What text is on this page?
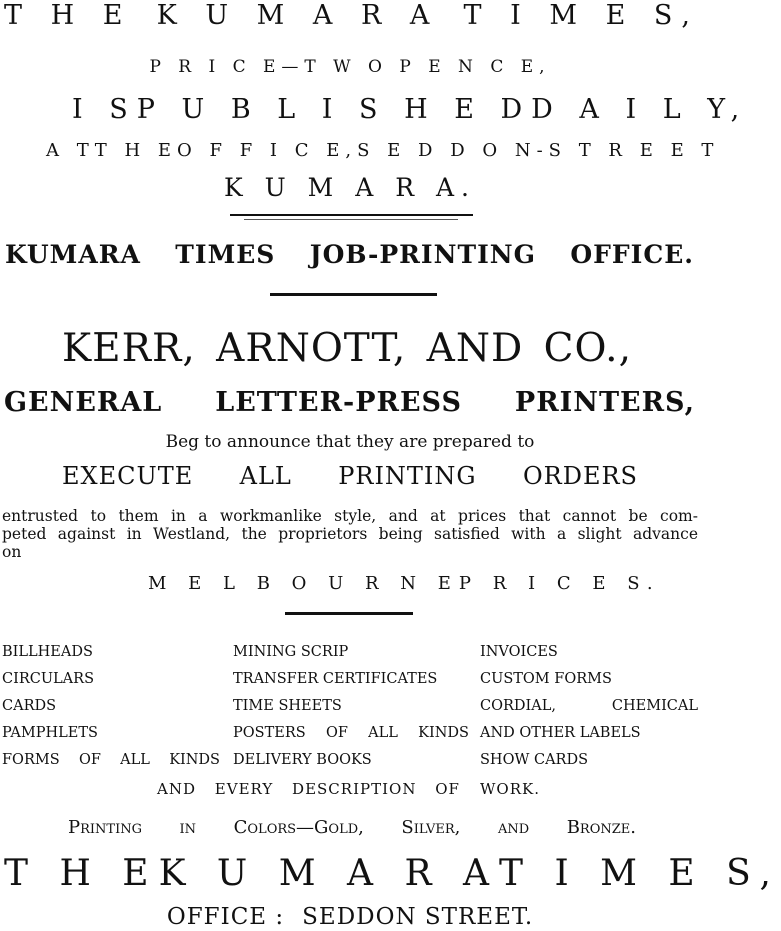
T H E K U M A R A T I M E S,
P R I C E—T W O P E N C E,
I S P U B L I S H E D D A I L Y,
A T T H E O F F I C E, S E D D O N-S T R E E T
K U M A R A.
KUMARA TIMES JOB-PRINTING OFFICE.
KERR, ARNOTT, AND CO.,
GENERAL LETTER-PRESS PRINTERS,
Beg to announce that they are prepared to
EXECUTE ALL PRINTING ORDERS
entrusted to them in a workmanlike style, and at prices that cannot be com-
peted against in Westland, the proprietors being satisfied with a slight advance
on
M E L B O U R N E P R I C E S.
BILLHEADS
CIRCULARS
CARDS
PAMPHLETS
FORMS OF ALL KINDS
MINING SCRIP
TRANSFER CERTIFICATES
TIME SHEETS
POSTERS OF ALL KINDS
DELIVERY BOOKS
INVOICES
CUSTOM FORMS
CORDIAL,	CHEMICAL
AND OTHER LABELS
SHOW CARDS
AND EVERY DESCRIPTION OF WORK.
Printing in Colors—Gold, Silver, and Bronze.
T H E K U M A R A T I M E S,
OFFICE : SEDDON STREET.
